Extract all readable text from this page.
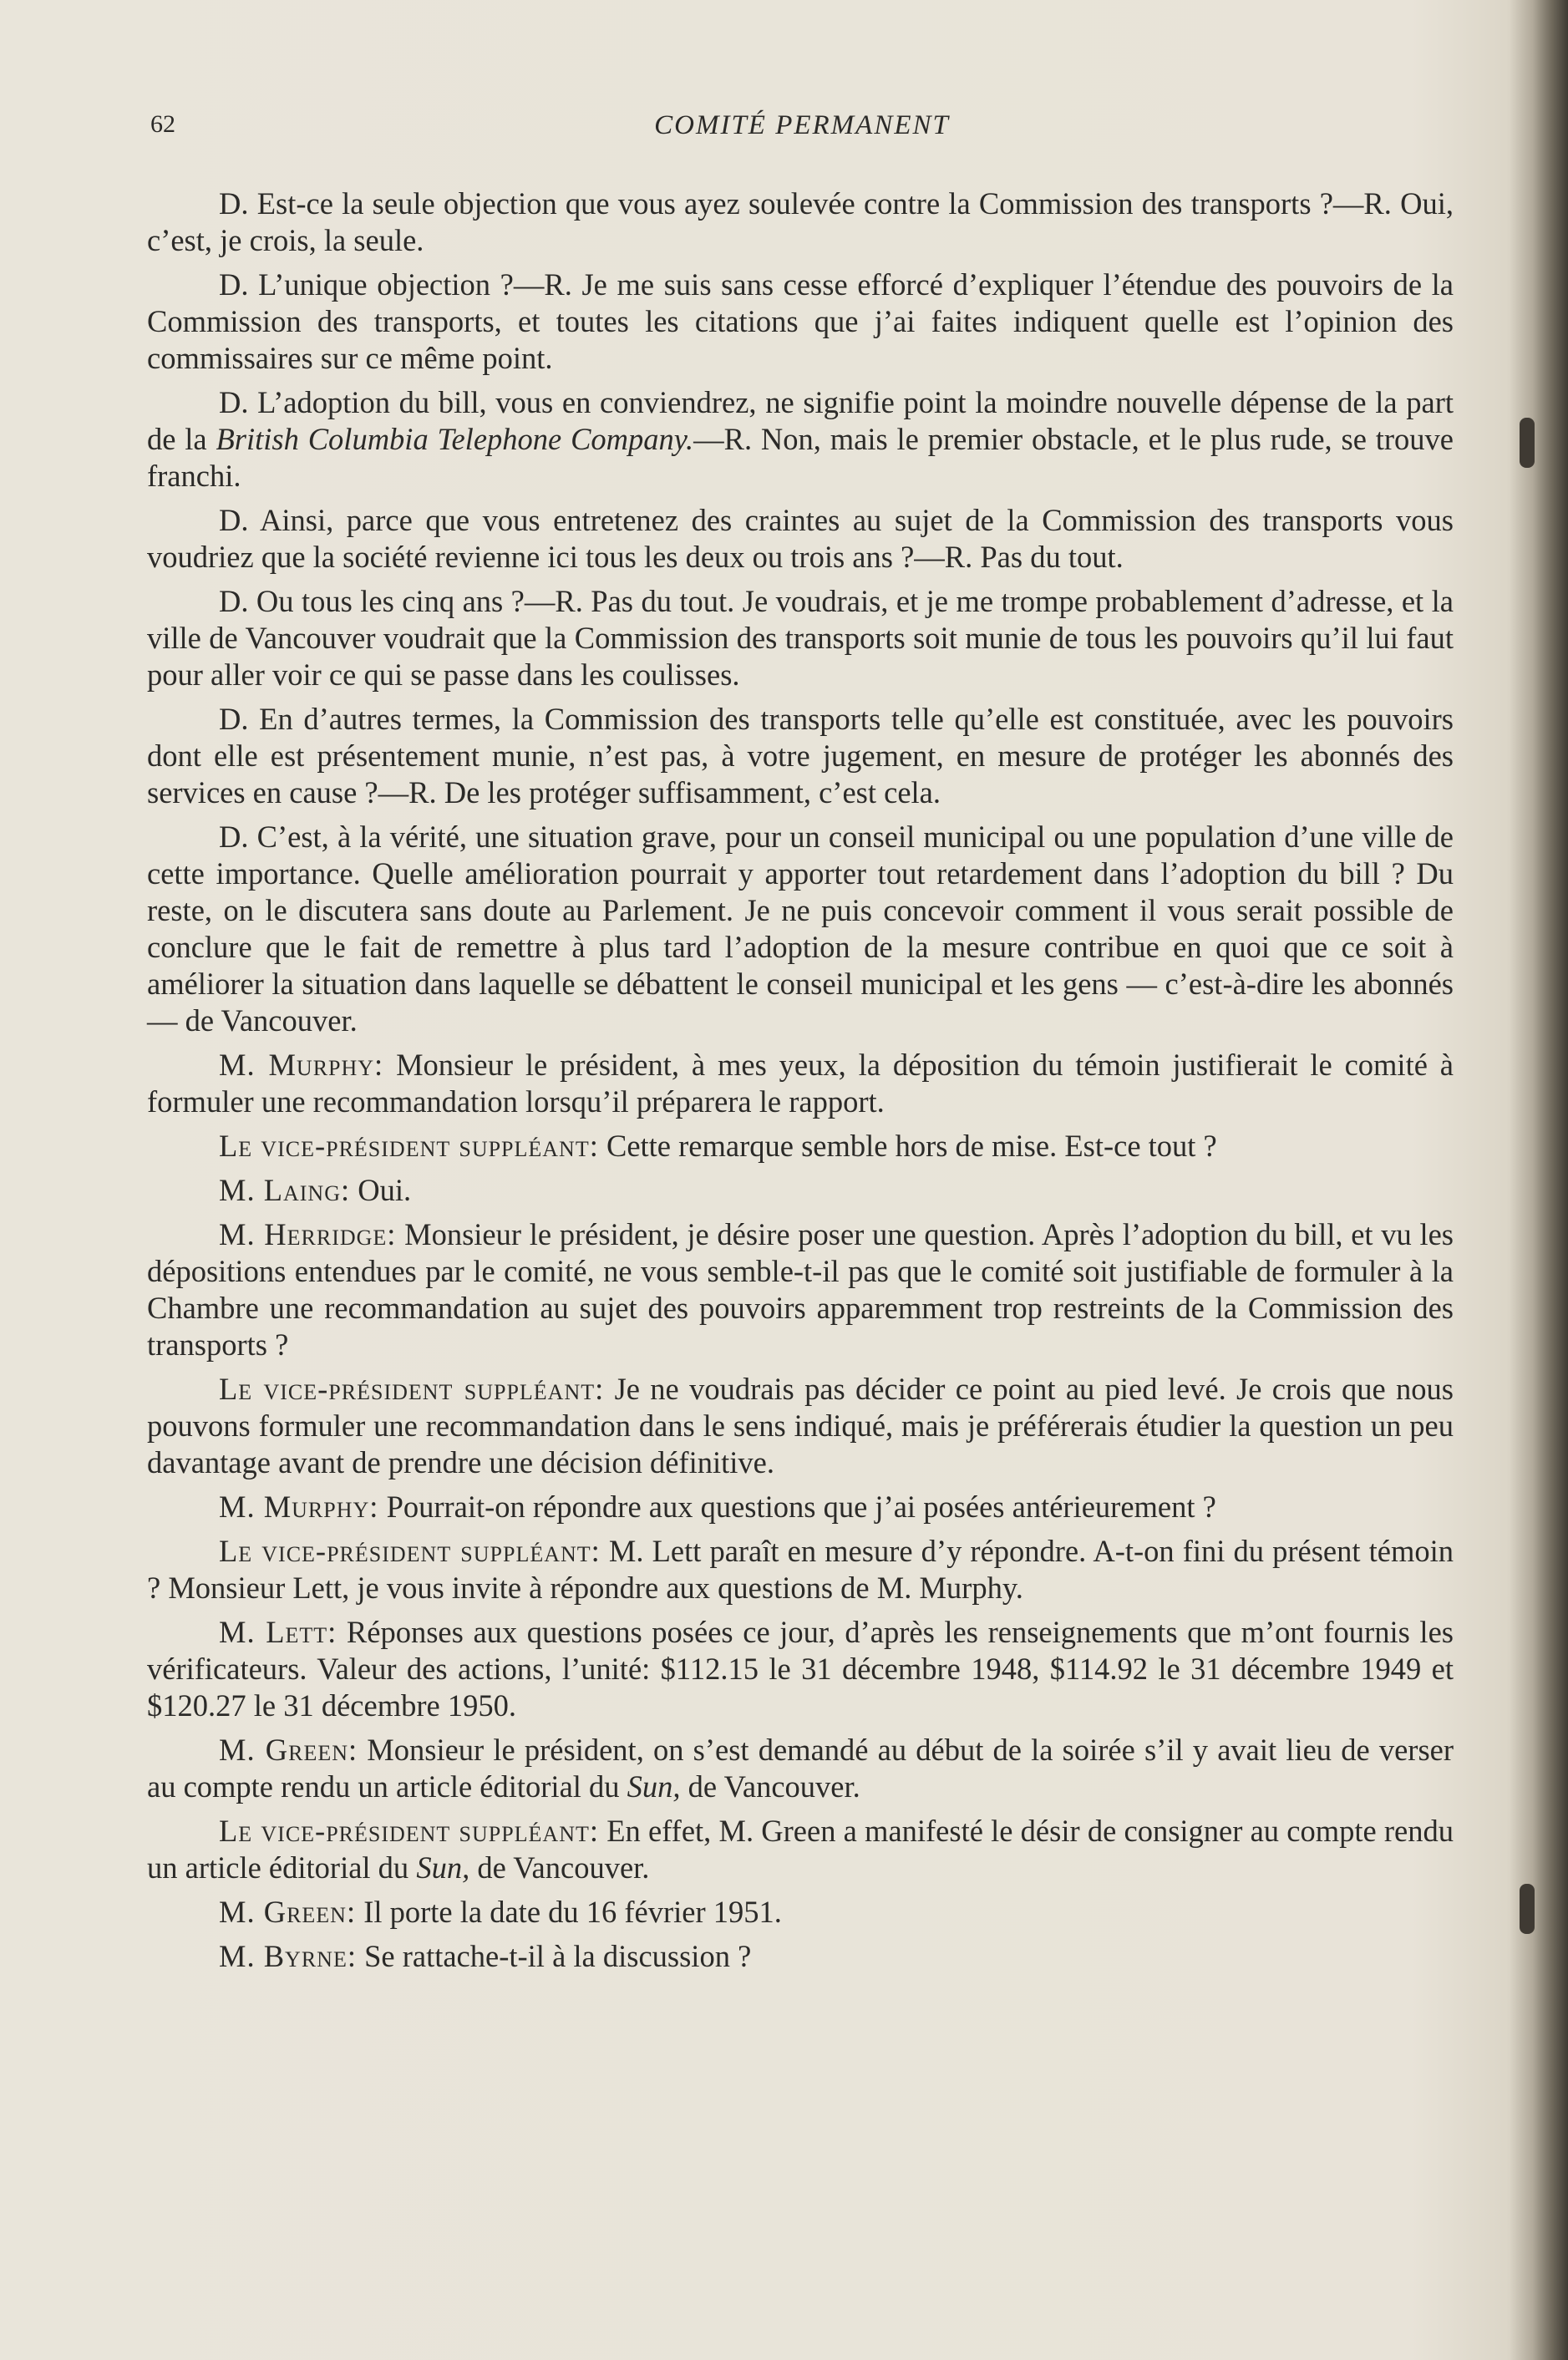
62	COMITÉ PERMANENT

D. Est-ce la seule objection que vous ayez soulevée contre la Commission des transports ?—R. Oui, c’est, je crois, la seule.

D. L’unique objection ?—R. Je me suis sans cesse efforcé d’expliquer l’étendue des pouvoirs de la Commission des transports, et toutes les citations que j’ai faites indiquent quelle est l’opinion des commissaires sur ce même point.

D. L’adoption du bill, vous en conviendrez, ne signifie point la moindre nouvelle dépense de la part de la British Columbia Telephone Company.—R. Non, mais le premier obstacle, et le plus rude, se trouve franchi.

D. Ainsi, parce que vous entretenez des craintes au sujet de la Commission des transports vous voudriez que la société revienne ici tous les deux ou trois ans ?—R. Pas du tout.

D. Ou tous les cinq ans ?—R. Pas du tout. Je voudrais, et je me trompe probablement d’adresse, et la ville de Vancouver voudrait que la Commission des transports soit munie de tous les pouvoirs qu’il lui faut pour aller voir ce qui se passe dans les coulisses.

D. En d’autres termes, la Commission des transports telle qu’elle est constituée, avec les pouvoirs dont elle est présentement munie, n’est pas, à votre jugement, en mesure de protéger les abonnés des services en cause ?—R. De les protéger suffisamment, c’est cela.

D. C’est, à la vérité, une situation grave, pour un conseil municipal ou une population d’une ville de cette importance. Quelle amélioration pourrait y apporter tout retardement dans l’adoption du bill ? Du reste, on le discutera sans doute au Parlement. Je ne puis concevoir comment il vous serait possible de conclure que le fait de remettre à plus tard l’adoption de la mesure contribue en quoi que ce soit à améliorer la situation dans laquelle se débattent le conseil municipal et les gens — c’est-à-dire les abonnés — de Vancouver.

M. Murphy: Monsieur le président, à mes yeux, la déposition du témoin justifierait le comité à formuler une recommandation lorsqu’il préparera le rapport.

Le vice-président suppléant: Cette remarque semble hors de mise. Est-ce tout ?

M. Laing: Oui.

M. Herridge: Monsieur le président, je désire poser une question. Après l’adoption du bill, et vu les dépositions entendues par le comité, ne vous semble-t-il pas que le comité soit justifiable de formuler à la Chambre une recommandation au sujet des pouvoirs apparemment trop restreints de la Commission des transports ?

Le vice-président suppléant: Je ne voudrais pas décider ce point au pied levé. Je crois que nous pouvons formuler une recommandation dans le sens indiqué, mais je préférerais étudier la question un peu davantage avant de prendre une décision définitive.

M. Murphy: Pourrait-on répondre aux questions que j’ai posées antérieurement ?

Le vice-président suppléant: M. Lett paraît en mesure d’y répondre. A-t-on fini du présent témoin ? Monsieur Lett, je vous invite à répondre aux questions de M. Murphy.

M. Lett: Réponses aux questions posées ce jour, d’après les renseignements que m’ont fournis les vérificateurs. Valeur des actions, l’unité: $112.15 le 31 décembre 1948, $114.92 le 31 décembre 1949 et $120.27 le 31 décembre 1950.

M. Green: Monsieur le président, on s’est demandé au début de la soirée s’il y avait lieu de verser au compte rendu un article éditorial du Sun, de Vancouver.

Le vice-président suppléant: En effet, M. Green a manifesté le désir de consigner au compte rendu un article éditorial du Sun, de Vancouver.

M. Green: Il porte la date du 16 février 1951.

M. Byrne: Se rattache-t-il à la discussion ?
